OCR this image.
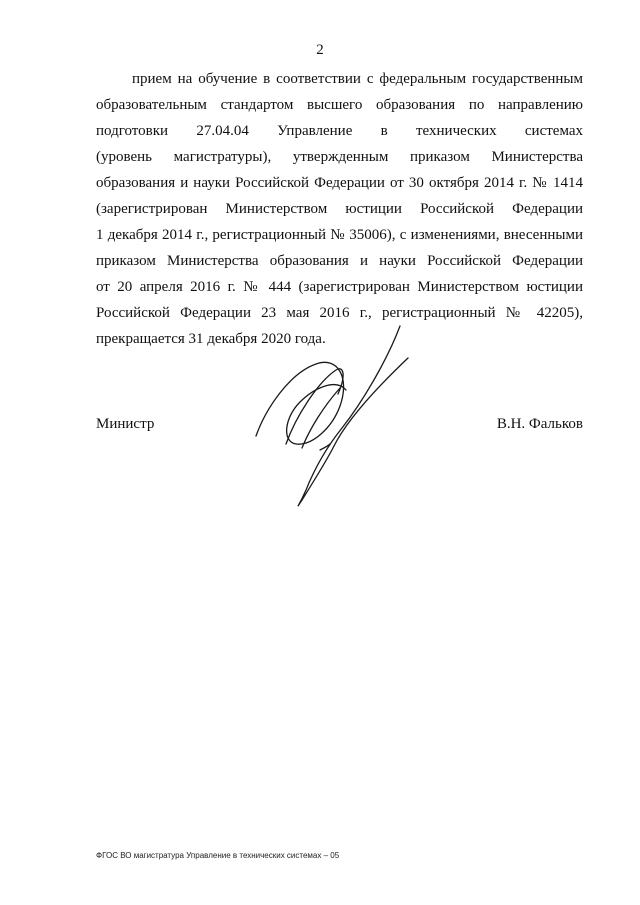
2
прием на обучение в соответствии с федеральным государственным
образовательным стандартом высшего образования по направлению
подготовки 27.04.04 Управление в технических системах
(уровень магистратуры), утвержденным приказом Министерства
образования и науки Российской Федерации от 30 октября 2014 г. № 1414
(зарегистрирован Министерством юстиции Российской Федерации
1 декабря 2014 г., регистрационный № 35006), с изменениями, внесенными
приказом Министерства образования и науки Российской Федерации
от 20 апреля 2016 г. № 444 (зарегистрирован Министерством юстиции
Российской Федерации 23 мая 2016 г., регистрационный № 42205),
прекращается 31 декабря 2020 года.
Министр	В.Н. Фальков
ФГОС ВО магистратура Управление в технических системах – 05
